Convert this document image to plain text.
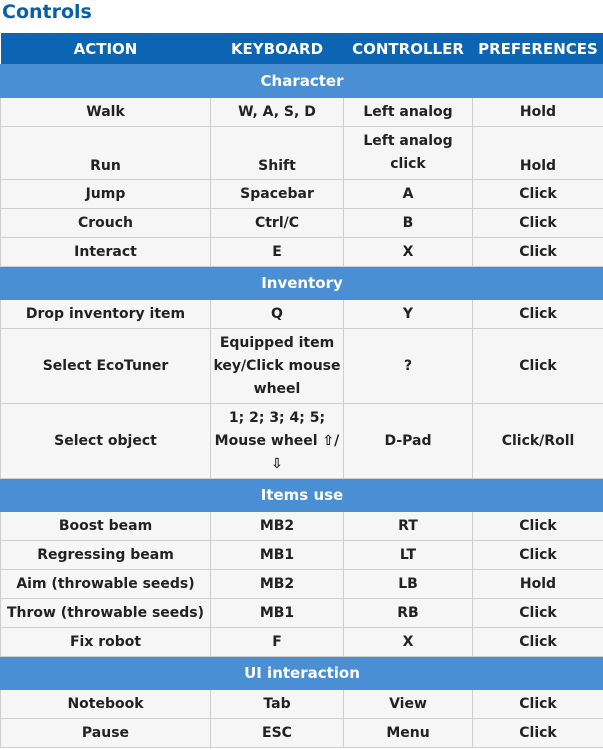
Controls
ACTION	KEYBOARD	CONTROLLER	PREFERENCES
Character			
Walk	W, A, S, D	Left analog	Hold
Run	Shift	Left analog click	Hold
Jump	Spacebar	A	Click
Crouch	Ctrl/C	B	Click
Interact	E	X	Click
Inventory			
Drop inventory item	Q	Y	Click
Select EcoTuner	Equipped item key/Click mouse wheel	?	Click
Select object	1; 2; 3; 4; 5; Mouse wheel ⇧/⇩	D-Pad	Click/Roll
Items use			
Boost beam	MB2	RT	Click
Regressing beam	MB1	LT	Click
Aim (throwable seeds)	MB2	LB	Hold
Throw (throwable seeds)	MB1	RB	Click
Fix robot	F	X	Click
UI interaction			
Notebook	Tab	View	Click
Pause	ESC	Menu	Click
